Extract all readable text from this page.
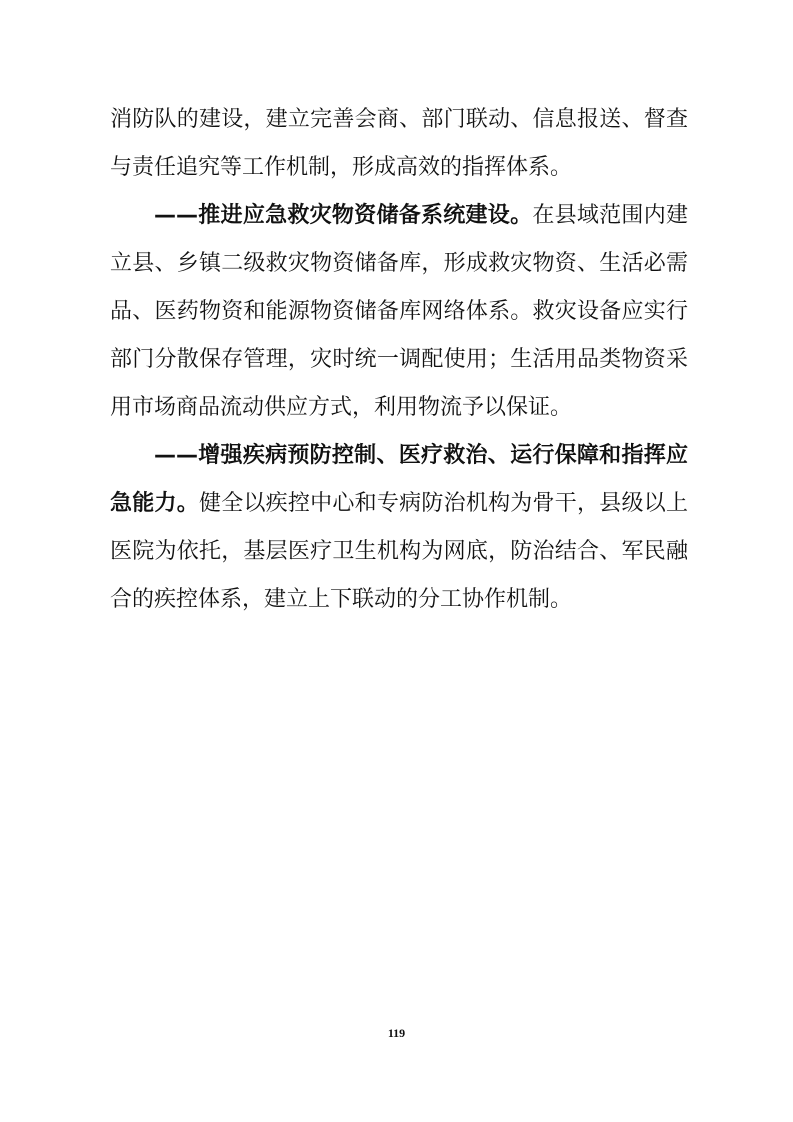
消防队的建设，建立完善会商、部门联动、信息报送、督查与责任追究等工作机制，形成高效的指挥体系。

——推进应急救灾物资储备系统建设。在县域范围内建立县、乡镇二级救灾物资储备库，形成救灾物资、生活必需品、医药物资和能源物资储备库网络体系。救灾设备应实行部门分散保存管理，灾时统一调配使用；生活用品类物资采用市场商品流动供应方式，利用物流予以保证。

——增强疾病预防控制、医疗救治、运行保障和指挥应急能力。健全以疾控中心和专病防治机构为骨干，县级以上医院为依托，基层医疗卫生机构为网底，防治结合、军民融合的疾控体系，建立上下联动的分工协作机制。

119
